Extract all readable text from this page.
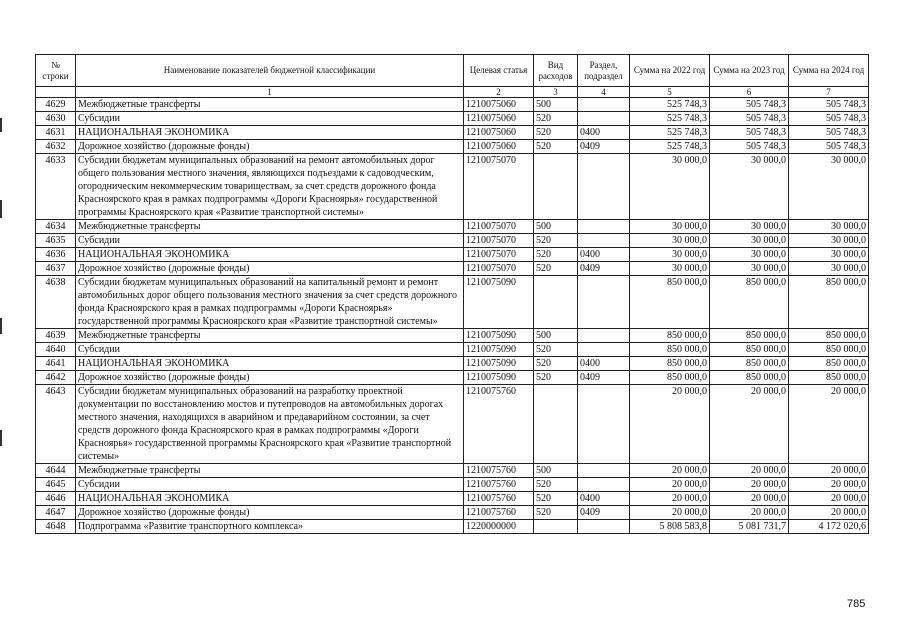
№ строки	Наименование показателей бюджетной классификации	Целевая статья	Вид расходов	Раздел, подраздел	Сумма на 2022 год	Сумма на 2023 год	Сумма на 2024 год
	1	2	3	4	5	6	7
4629	Межбюджетные трансферты	1210075060	500		525 748,3	505 748,3	505 748,3
4630	Субсидии	1210075060	520		525 748,3	505 748,3	505 748,3
4631	НАЦИОНАЛЬНАЯ ЭКОНОМИКА	1210075060	520	0400	525 748,3	505 748,3	505 748,3
4632	Дорожное хозяйство (дорожные фонды)	1210075060	520	0409	525 748,3	505 748,3	505 748,3
4633	Субсидии бюджетам муниципальных образований на ремонт автомобильных дорог общего пользования местного значения, являющихся подъездами к садоводческим, огородническим некоммерческим товариществам, за счет средств дорожного фонда Красноярского края в рамках подпрограммы «Дороги Красноярья» государственной программы Красноярского края «Развитие транспортной системы»	1210075070			30 000,0	30 000,0	30 000,0
4634	Межбюджетные трансферты	1210075070	500		30 000,0	30 000,0	30 000,0
4635	Субсидии	1210075070	520		30 000,0	30 000,0	30 000,0
4636	НАЦИОНАЛЬНАЯ ЭКОНОМИКА	1210075070	520	0400	30 000,0	30 000,0	30 000,0
4637	Дорожное хозяйство (дорожные фонды)	1210075070	520	0409	30 000,0	30 000,0	30 000,0
4638	Субсидии бюджетам муниципальных образований на капитальный ремонт и ремонт автомобильных дорог общего пользования местного значения за счет средств дорожного фонда Красноярского края в рамках подпрограммы «Дороги Красноярья» государственной программы Красноярского края «Развитие транспортной системы»	1210075090			850 000,0	850 000,0	850 000,0
4639	Межбюджетные трансферты	1210075090	500		850 000,0	850 000,0	850 000,0
4640	Субсидии	1210075090	520		850 000,0	850 000,0	850 000,0
4641	НАЦИОНАЛЬНАЯ ЭКОНОМИКА	1210075090	520	0400	850 000,0	850 000,0	850 000,0
4642	Дорожное хозяйство (дорожные фонды)	1210075090	520	0409	850 000,0	850 000,0	850 000,0
4643	Субсидии бюджетам муниципальных образований на разработку проектной документации по восстановлению мостов и путепроводов на автомобильных дорогах местного значения, находящихся в аварийном и предаварийном состоянии, за счет средств дорожного фонда Красноярского края в рамках подпрограммы «Дороги Красноярья» государственной программы Красноярского края «Развитие транспортной системы»	1210075760			20 000,0	20 000,0	20 000,0
4644	Межбюджетные трансферты	1210075760	500		20 000,0	20 000,0	20 000,0
4645	Субсидии	1210075760	520		20 000,0	20 000,0	20 000,0
4646	НАЦИОНАЛЬНАЯ ЭКОНОМИКА	1210075760	520	0400	20 000,0	20 000,0	20 000,0
4647	Дорожное хозяйство (дорожные фонды)	1210075760	520	0409	20 000,0	20 000,0	20 000,0
4648	Подпрограмма «Развитие транспортного комплекса»	1220000000			5 808 583,8	5 081 731,7	4 172 020,6
785
